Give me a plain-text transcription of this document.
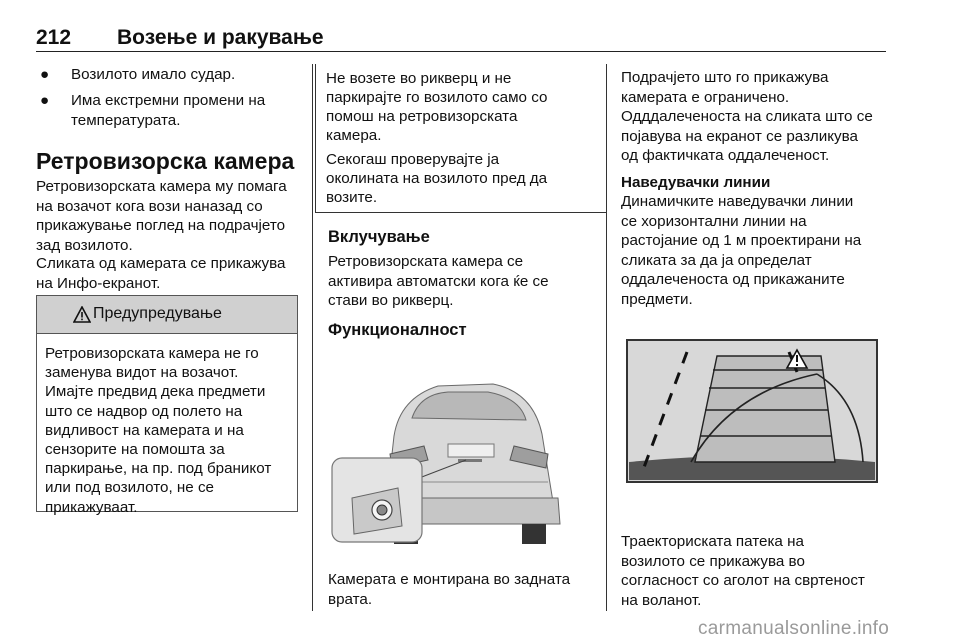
212 Возење и ракување
● Возилото имало судар.
● Има екстремни промени на
температурата.
Ретровизорска камера
Ретровизорската камера му помага
на возачот кога вози наназад со
прикажување поглед на подрачјето
зад возилото.
Сликата од камерата се прикажува
на Инфо-екранот.
Предупредување
Ретровизорската камера не го
заменува видот на возачот.
Имајте предвид дека предмети
што се надвор од полето на
видливост на камерата и на
сензорите на помошта за
паркирање, на пр. под браникот
или под возилото, не се
прикажуваат.
Не возете во рикверц и не
паркирајте го возилото само со
помош на ретровизорската
камера.
Секогаш проверувајте ја
околината на возилото пред да
возите.
Вклучување
Ретровизорската камера се
активира автоматски кога ќе се
стави во рикверц.
Функционалност
Камерата е монтирана во задната
врата.
Подрачјето што го прикажува
камерата е ограничено.
Одддалеченоста на сликата што се
појавува на екранот се разликува
од фактичката оддалеченост.
Наведувачки линии
Динамичките наведувачки линии
се хоризонтални линии на
растојание од 1 м проектирани на
сликата за да ја определат
оддалеченоста од прикажаните
предмети.
Траекториската патека на
возилото се прикажува во
согласност со аголот на свртеност
на воланот.
carmanualsonline.info
